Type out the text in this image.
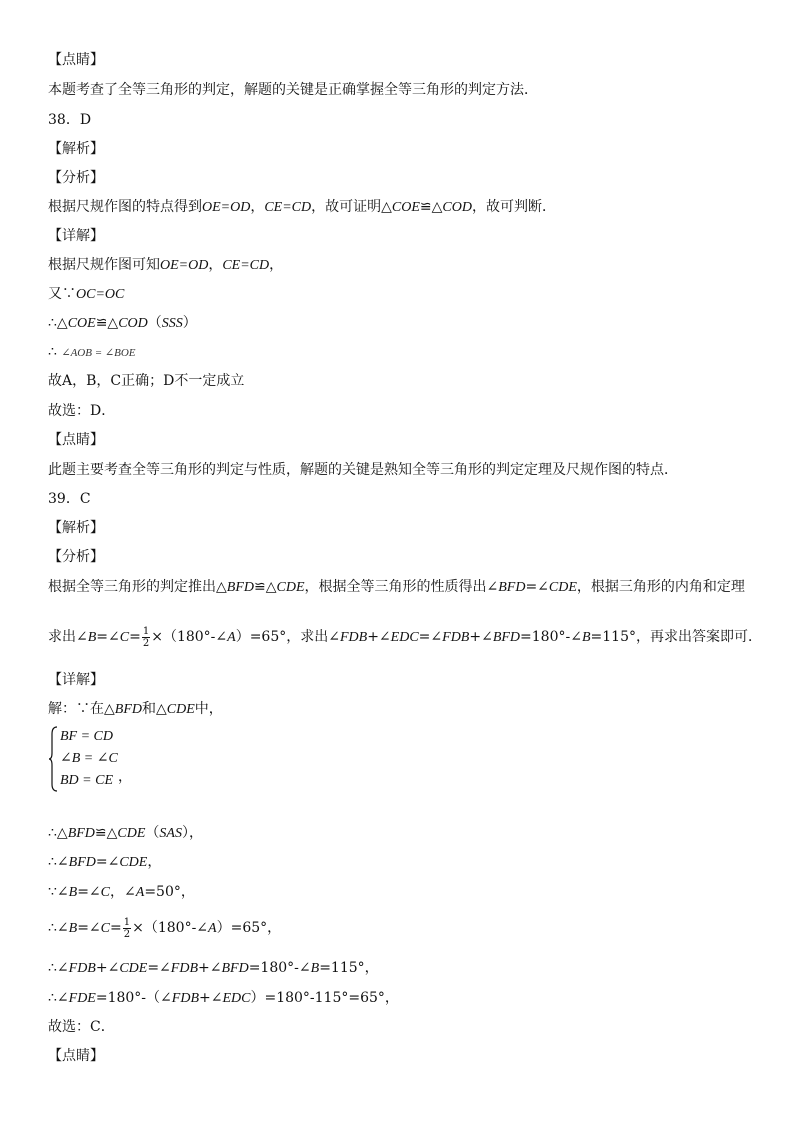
【点睛】
本题考查了全等三角形的判定，解题的关键是正确掌握全等三角形的判定方法．
38．D
【解析】
【分析】
根据尺规作图的特点得到OE=OD，CE=CD，故可证明△COE≌△COD，故可判断．
【详解】
根据尺规作图可知OE=OD，CE=CD，
又∵OC=OC
∴△COE≌△COD（SSS）
∴ ∠AOB = ∠BOE
故A，B，C正确；D不一定成立
故选：D．
【点睛】
此题主要考查全等三角形的判定与性质，解题的关键是熟知全等三角形的判定定理及尺规作图的特点．
39．C
【解析】
【分析】
根据全等三角形的判定推出△BFD≌△CDE，根据全等三角形的性质得出∠BFD=∠CDE，根据三角形的内角和定理
求出∠B=∠C= $\frac{1}{2}$ ×（180°-∠A）=65°，求出∠FDB+∠EDC=∠FDB+∠BFD=180°-∠B=115°，再求出答案即可．
【详解】
解：∵在△BFD和△CDE中，
BF = CD
∠B = ∠C
BD = CE ，
∴△BFD≌△CDE（SAS），
∴∠BFD=∠CDE，
∵∠B=∠C，∠A=50°，
∴∠B=∠C= $\frac{1}{2}$ ×（180°-∠A）=65°，
∴∠FDB+∠CDE=∠FDB+∠BFD=180°-∠B=115°，
∴∠FDE=180°-（∠FDB+∠EDC）=180°-115°=65°，
故选：C．
【点睛】
